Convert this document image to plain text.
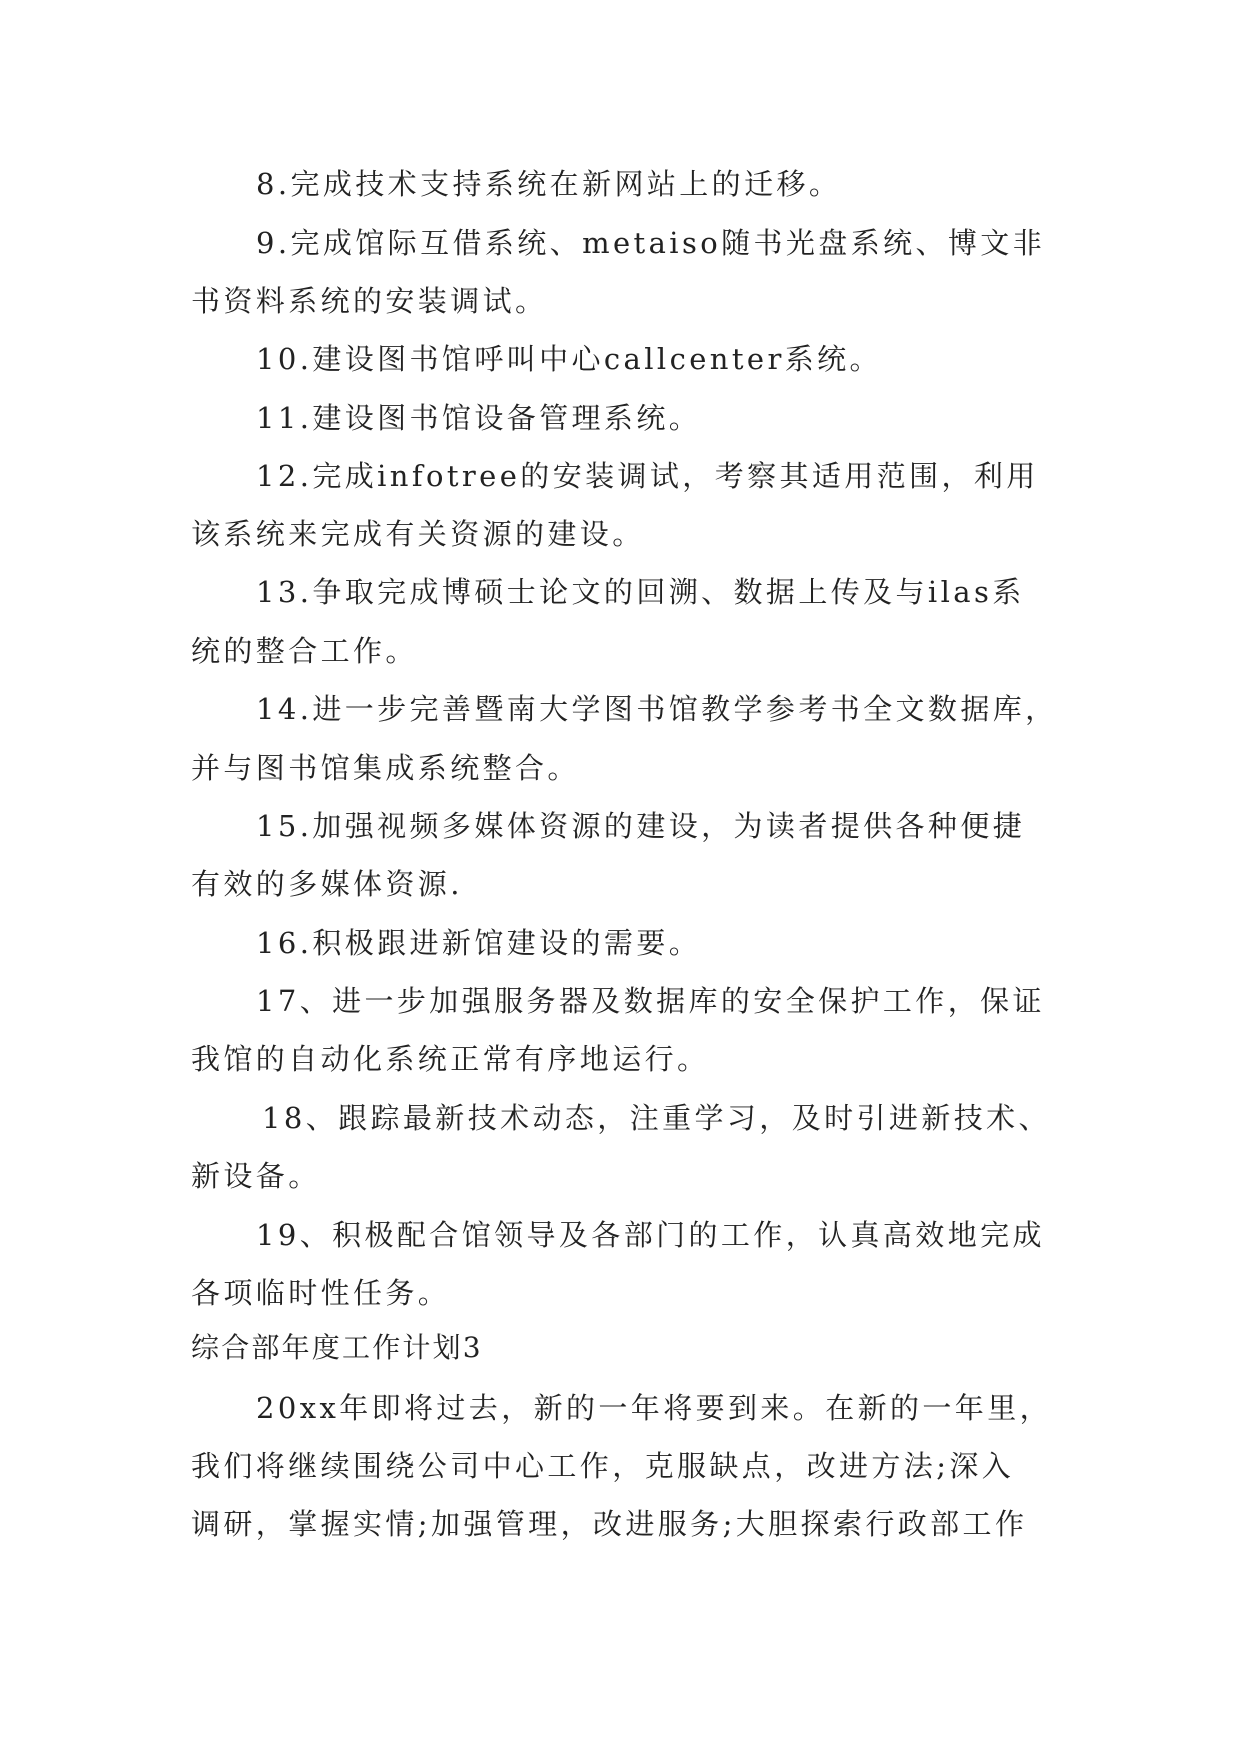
8.完成技术支持系统在新网站上的迁移。
9.完成馆际互借系统、metaiso随书光盘系统、博文非
书资料系统的安装调试。
10.建设图书馆呼叫中心callcenter系统。
11.建设图书馆设备管理系统。
12.完成infotree的安装调试，考察其适用范围，利用
该系统来完成有关资源的建设。
13.争取完成博硕士论文的回溯、数据上传及与ilas系
统的整合工作。
14.进一步完善暨南大学图书馆教学参考书全文数据库，
并与图书馆集成系统整合。
15.加强视频多媒体资源的建设，为读者提供各种便捷
有效的多媒体资源.
16.积极跟进新馆建设的需要。
17、进一步加强服务器及数据库的安全保护工作，保证
我馆的自动化系统正常有序地运行。
18、跟踪最新技术动态，注重学习，及时引进新技术、
新设备。
19、积极配合馆领导及各部门的工作，认真高效地完成
各项临时性任务。
综合部年度工作计划3
20xx年即将过去，新的一年将要到来。在新的一年里，
我们将继续围绕公司中心工作，克服缺点，改进方法;深入
调研，掌握实情;加强管理，改进服务;大胆探索行政部工作
